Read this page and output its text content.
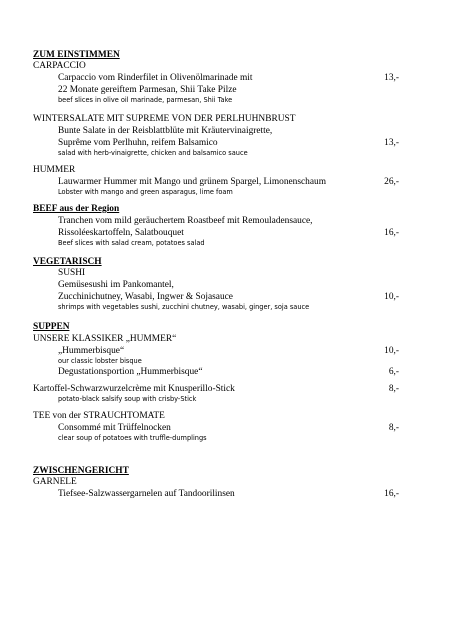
ZUM EINSTIMMEN
CARPACCIO
Carpaccio vom Rinderfilet in Olivenölmarinade mit	13,-
22 Monate gereiftem Parmesan, Shii Take Pilze
beef slices in olive oil marinade, parmesan, Shii Take
WINTERSALATE MIT SUPREME VON DER PERLHUHNBRUST
Bunte Salate in der Reisblattblüte mit Kräutervinaigrette,
Suprême vom Perlhuhn, reifem Balsamico	13,-
salad with herb-vinaigrette, chicken and balsamico sauce
HUMMER
Lauwarmer Hummer mit Mango und grünem Spargel, Limonenschaum	26,-
Lobster with mango and green asparagus, lime foam
BEEF aus der Region
Tranchen vom mild geräuchertem Roastbeef mit Remouladensauce,
Rissoléeskartoffeln, Salatbouquet	16,-
Beef slices with salad cream, potatoes salad
VEGETARISCH
SUSHI
Gemüsesushi im Pankomantel,
Zucchinichutney, Wasabi, Ingwer & Sojasauce	10,-
shrimps with vegetables sushi, zucchini chutney, wasabi, ginger, soja sauce
SUPPEN
UNSERE KLASSIKER „HUMMER“
„Hummerbisque“	10,-
our classic lobster bisque
Degustationsportion „Hummerbisque“	6,-
Kartoffel-Schwarzwurzelcrème mit Knusperillo-Stick	8,-
potato-black salsify soup with crisby-Stick
TEE von der STRAUCHTOMATE
Consommé mit Trüffelnocken	8,-
clear soup of potatoes with truffle-dumplings
ZWISCHENGERICHT
GARNELE
Tiefsee-Salzwassergarnelen auf Tandoorilinsen	16,-
